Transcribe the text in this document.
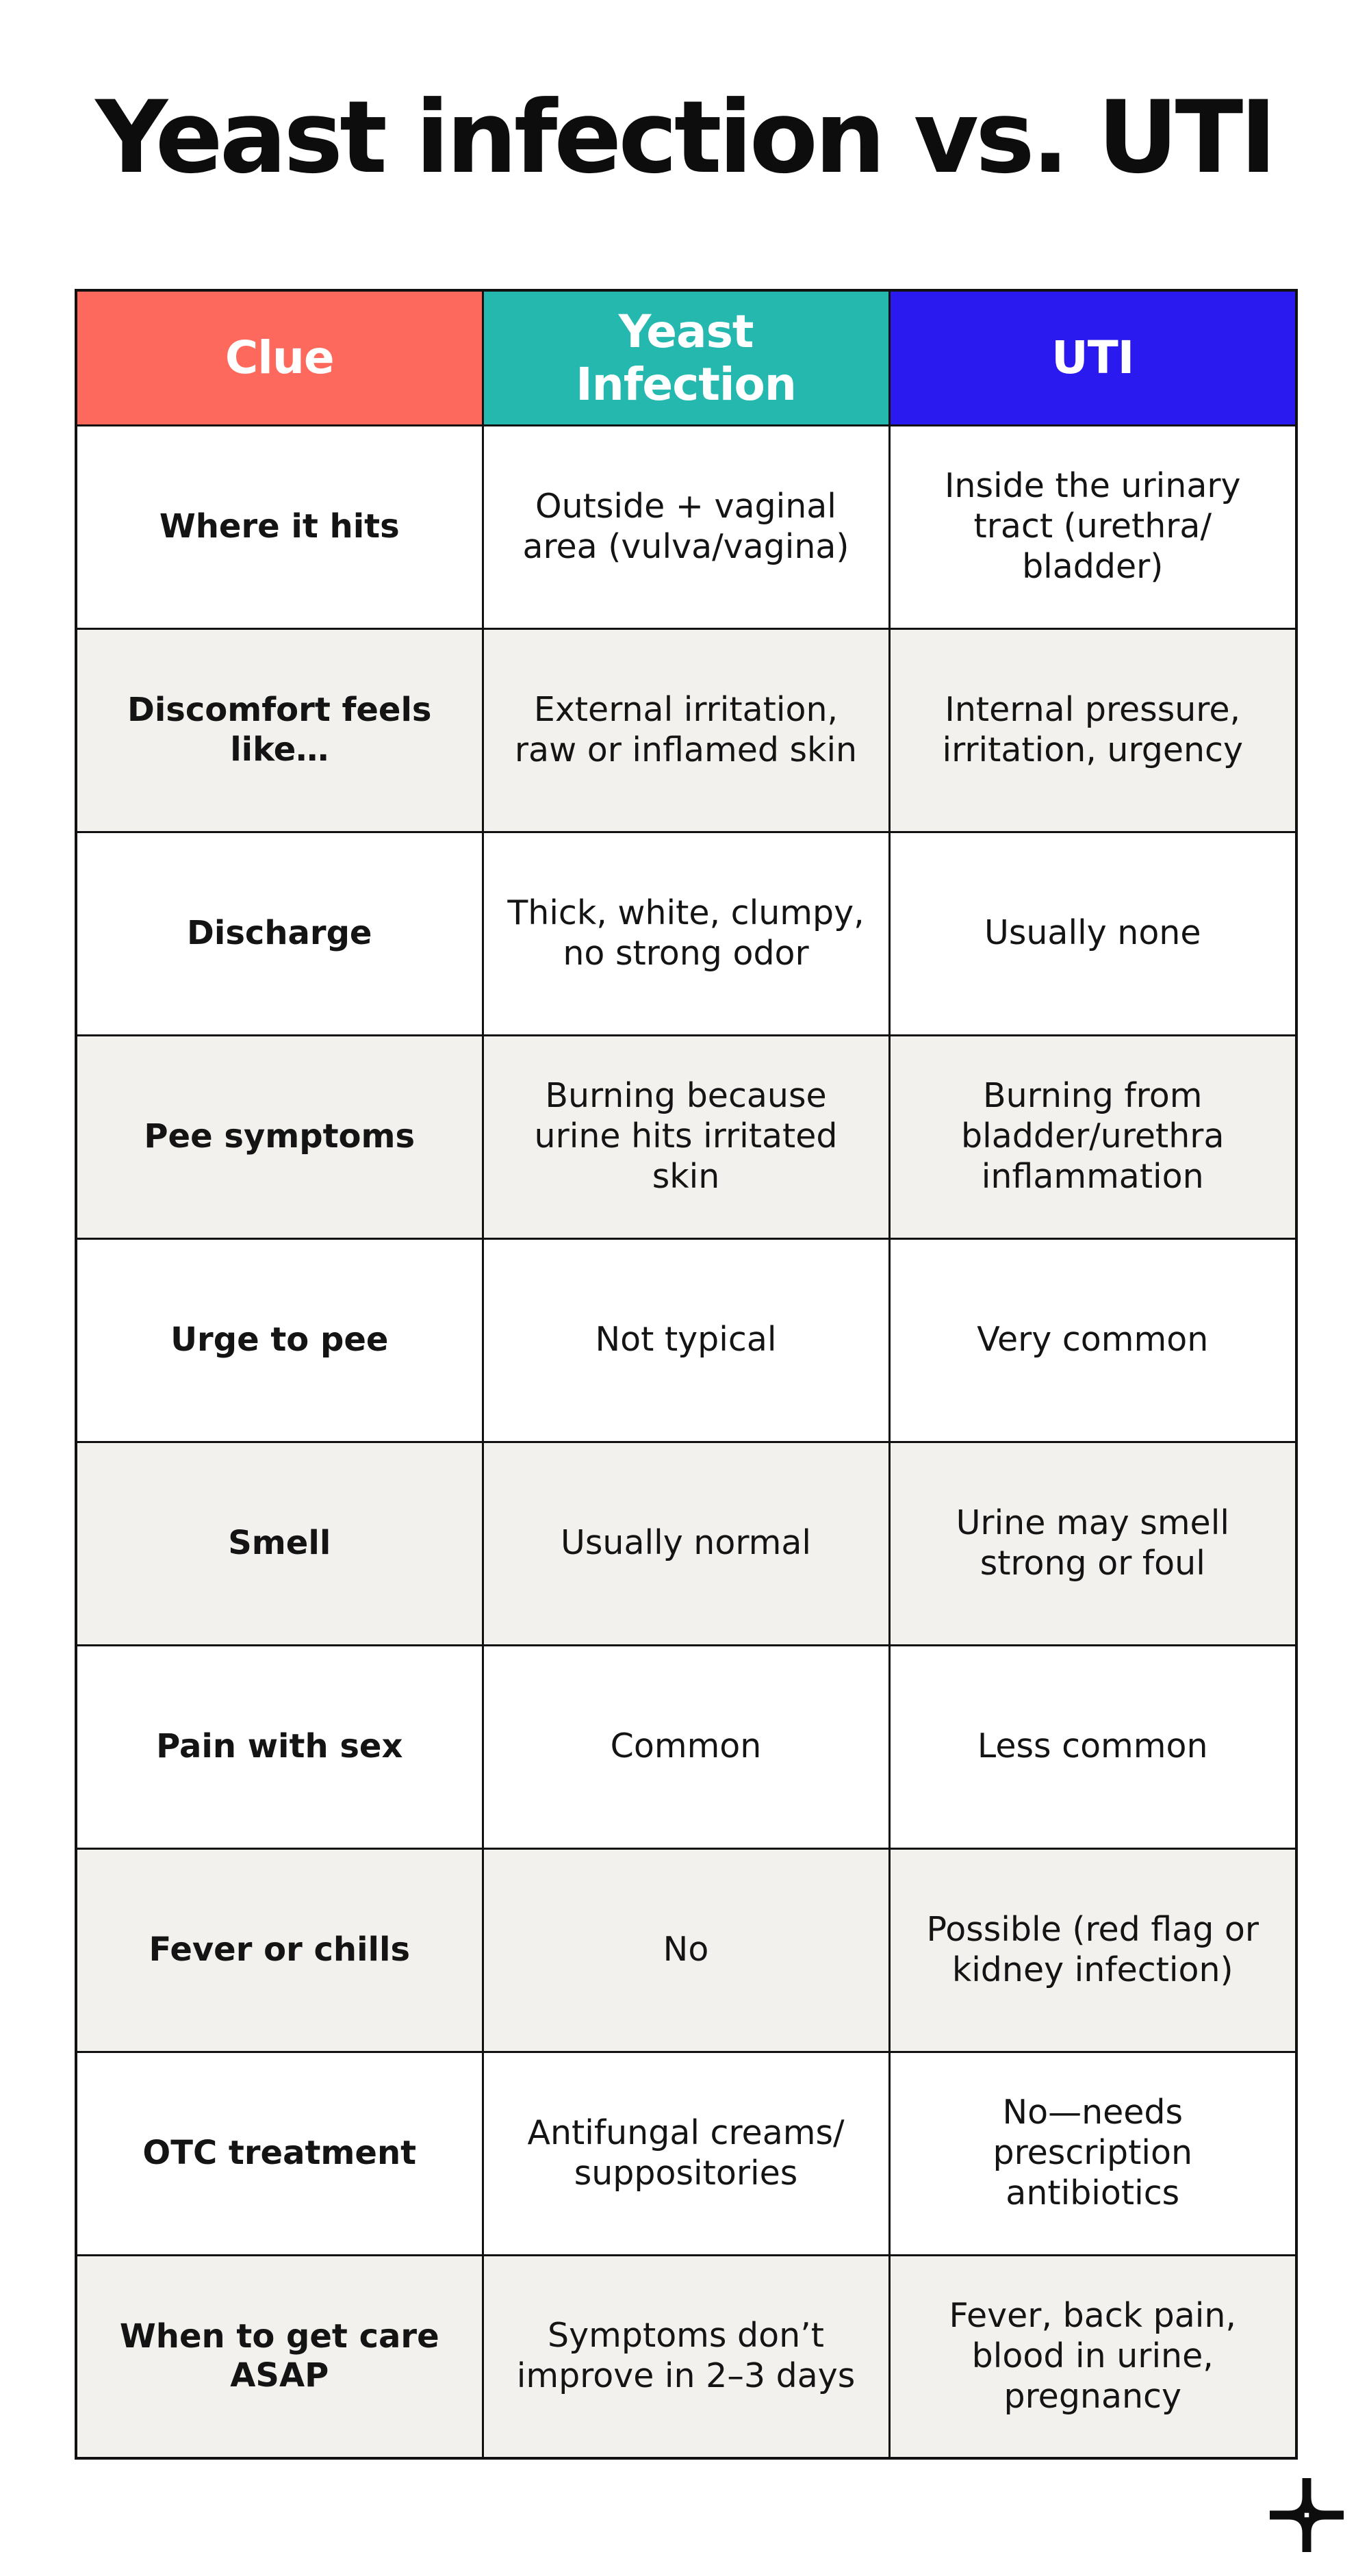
Yeast infection vs. UTI
Clue	Yeast Infection	UTI
Where it hits	Outside + vaginal area (vulva/vagina)	Inside the urinary tract (urethra/ bladder)
Discomfort feels like…	External irritation, raw or inflamed skin	Internal pressure, irritation, urgency
Discharge	Thick, white, clumpy, no strong odor	Usually none
Pee symptoms	Burning because urine hits irritated skin	Burning from bladder/urethra inflammation
Urge to pee	Not typical	Very common
Smell	Usually normal	Urine may smell strong or foul
Pain with sex	Common	Less common
Fever or chills	No	Possible (red flag or kidney infection)
OTC treatment	Antifungal creams/ suppositories	No—needs prescription antibiotics
When to get care ASAP	Symptoms don’t improve in 2–3 days	Fever, back pain, blood in urine, pregnancy
